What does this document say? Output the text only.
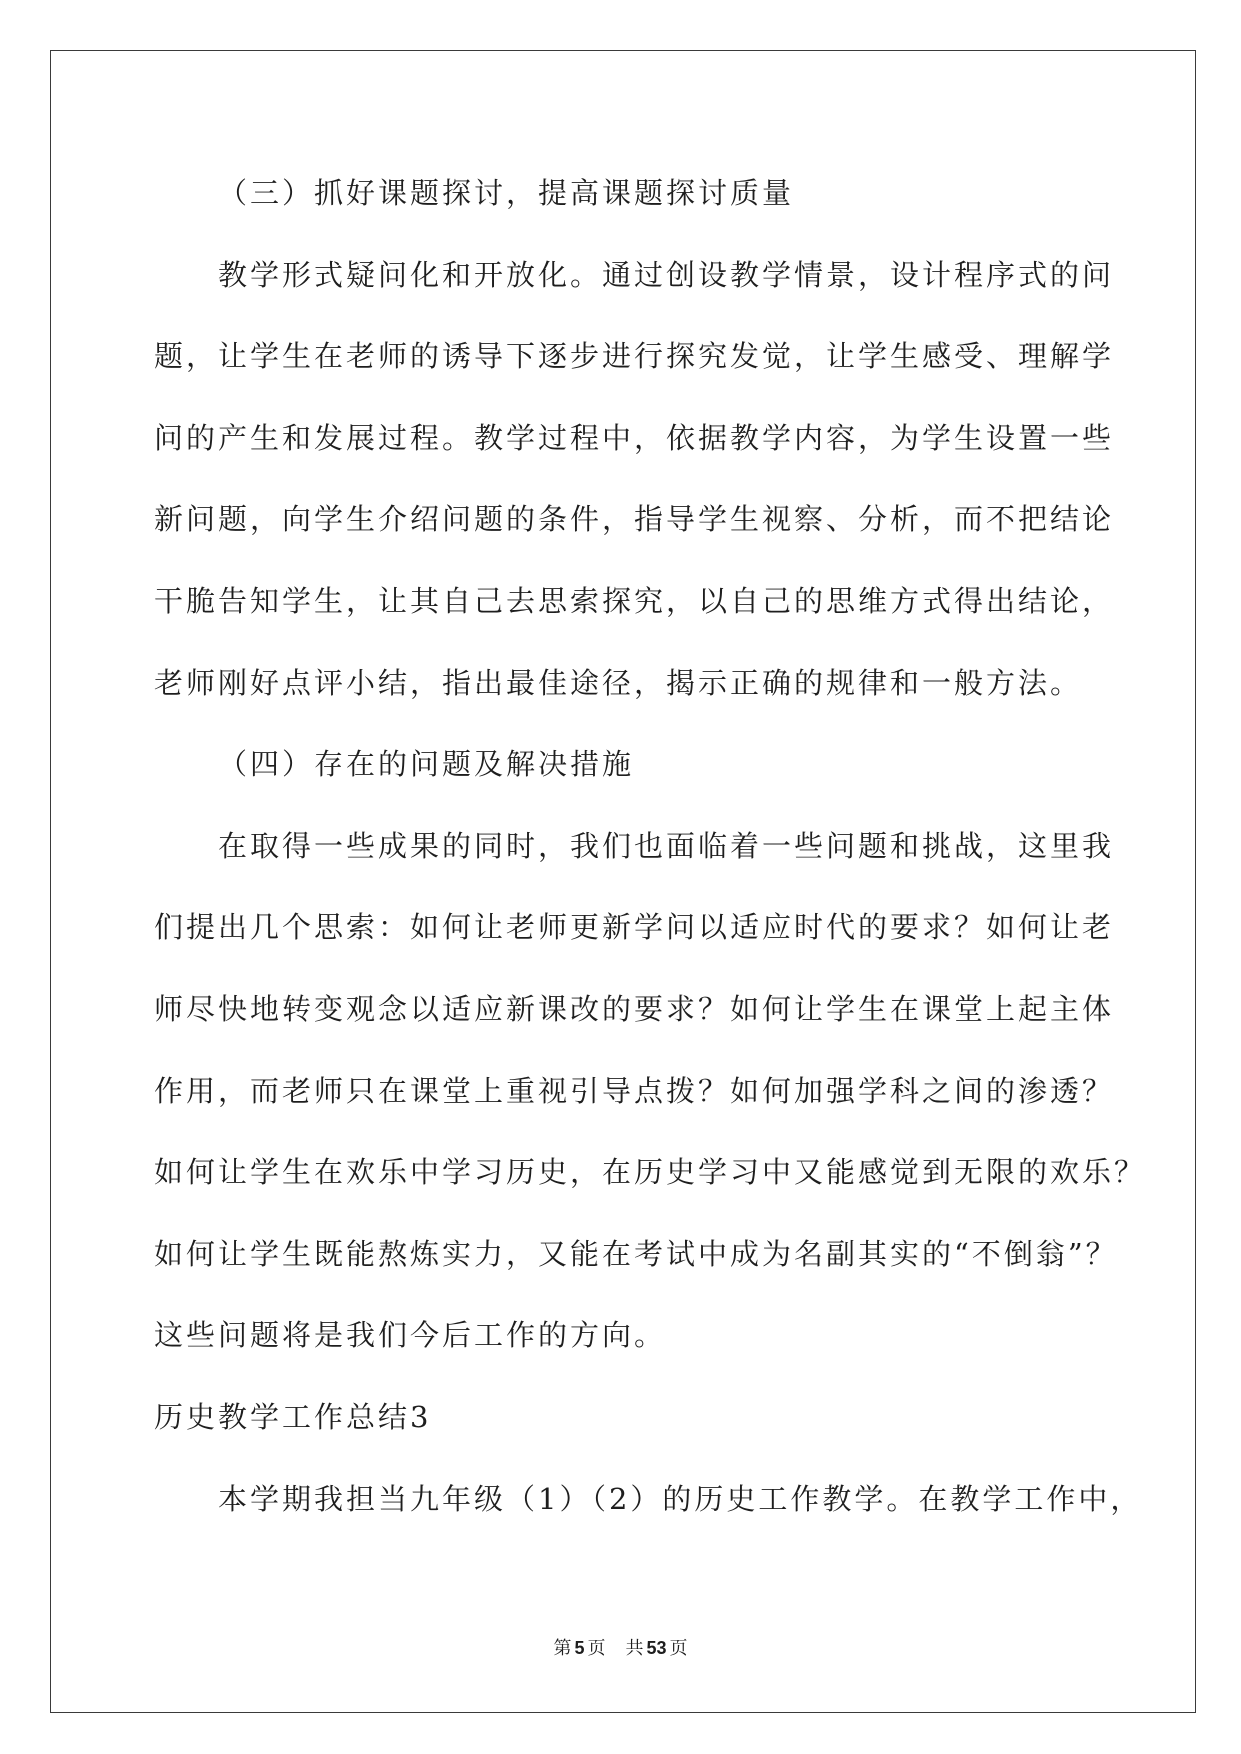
（三）抓好课题探讨，提高课题探讨质量
教学形式疑问化和开放化。通过创设教学情景，设计程序式的问
题，让学生在老师的诱导下逐步进行探究发觉，让学生感受、理解学
问的产生和发展过程。教学过程中，依据教学内容，为学生设置一些
新问题，向学生介绍问题的条件，指导学生视察、分析，而不把结论
干脆告知学生，让其自己去思索探究，以自己的思维方式得出结论，
老师刚好点评小结，指出最佳途径，揭示正确的规律和一般方法。
（四）存在的问题及解决措施
在取得一些成果的同时，我们也面临着一些问题和挑战，这里我
们提出几个思索：如何让老师更新学问以适应时代的要求？如何让老
师尽快地转变观念以适应新课改的要求？如何让学生在课堂上起主体
作用，而老师只在课堂上重视引导点拨？如何加强学科之间的渗透？
如何让学生在欢乐中学习历史，在历史学习中又能感觉到无限的欢乐？
如何让学生既能熬炼实力，又能在考试中成为名副其实的“不倒翁”？
这些问题将是我们今后工作的方向。
历史教学工作总结3
本学期我担当九年级（1）（2）的历史工作教学。在教学工作中，
第 5 页 共 53 页
